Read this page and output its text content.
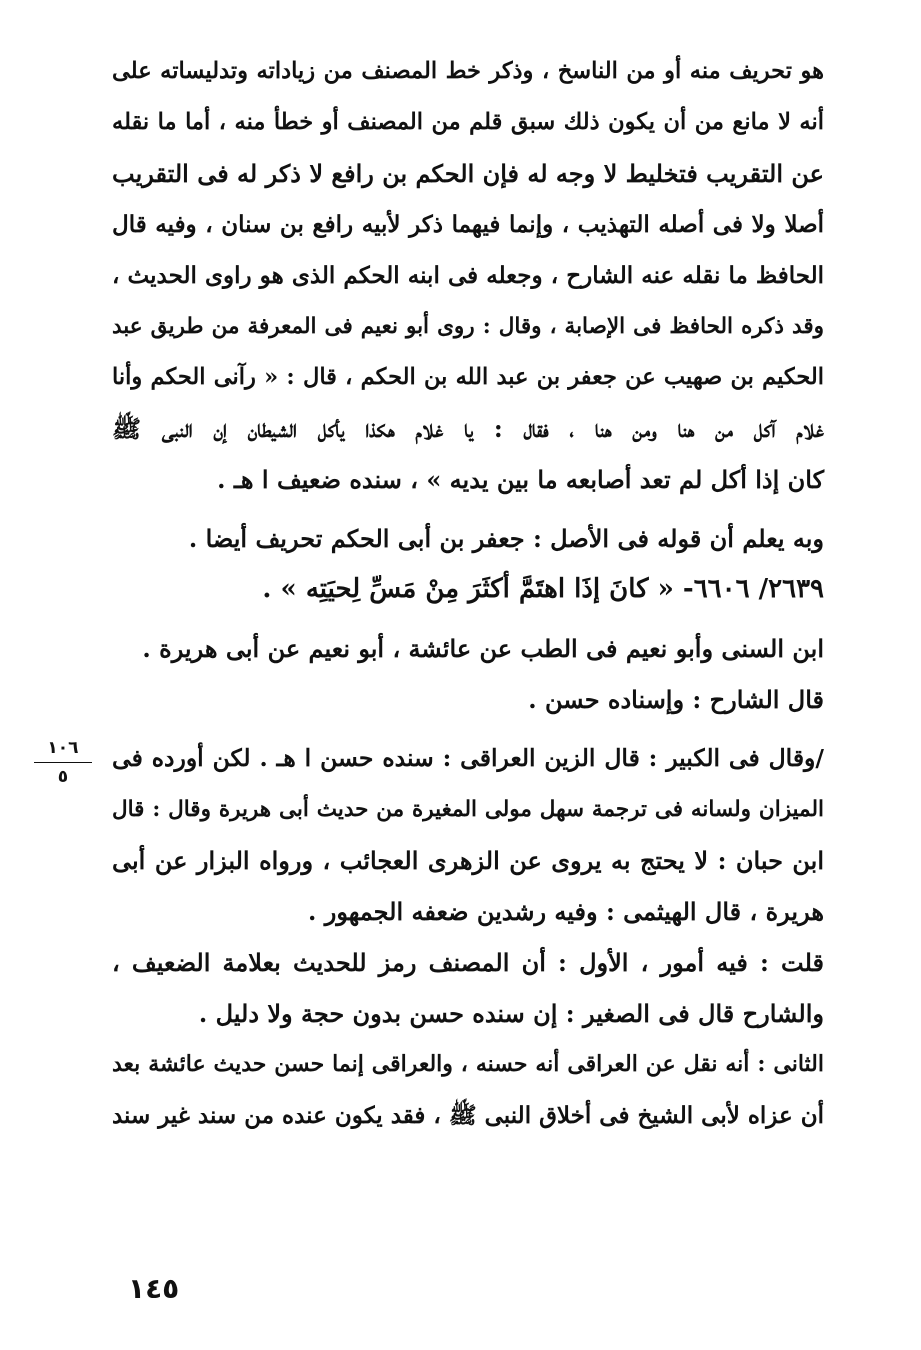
هو تحريف منه أو من الناسخ ، وذكر خط المصنف من زياداته وتدليساته على
أنه لا مانع من أن يكون ذلك سبق قلم من المصنف أو خطأ منه ، أما ما نقله
عن التقريب فتخليط لا وجه له فإن الحكم بن رافع لا ذكر له فى التقريب
أصلا ولا فى أصله التهذيب ، وإنما فيهما ذكر لأبيه رافع بن سنان ، وفيه قال
الحافظ ما نقله عنه الشارح ، وجعله فى ابنه الحكم الذى هو راوى الحديث ،
وقد ذكره الحافظ فى الإصابة ، وقال : روى أبو نعيم فى المعرفة من طريق عبد
الحكيم بن صهيب عن جعفر بن عبد الله بن الحكم ، قال : « رآنى الحكم وأنا
غلام آكل من هنا ومن هنا ، فقال : يا غلام هكذا يأكل الشيطان إن النبى ﷺ
كان إذا أكل لم تعد أصابعه ما بين يديه » ، سنده ضعيف ا هـ .
وبه يعلم أن قوله فى الأصل : جعفر بن أبى الحكم تحريف أيضا .
٢٦٣٩/ ٦٦٠٦- « كانَ إذَا اهتَمَّ أكثَرَ مِنْ مَسِّ لِحيَتِه » .
ابن السنى وأبو نعيم فى الطب عن عائشة ، أبو نعيم عن أبى هريرة .
قال الشارح : وإسناده حسن .
/وقال فى الكبير : قال الزين العراقى : سنده حسن ا هـ . لكن أورده فى
الميزان ولسانه فى ترجمة سهل مولى المغيرة من حديث أبى هريرة وقال : قال
ابن حبان : لا يحتج به يروى عن الزهرى العجائب ، ورواه البزار عن أبى
هريرة ، قال الهيثمى : وفيه رشدين ضعفه الجمهور .
قلت : فيه أمور ، الأول : أن المصنف رمز للحديث بعلامة الضعيف ،
والشارح قال فى الصغير : إن سنده حسن بدون حجة ولا دليل .
الثانى : أنه نقل عن العراقى أنه حسنه ، والعراقى إنما حسن حديث عائشة بعد
أن عزاه لأبى الشيخ فى أخلاق النبى ﷺ ، فقد يكون عنده من سند غير سند
١٠٦
٥
١٤٥
